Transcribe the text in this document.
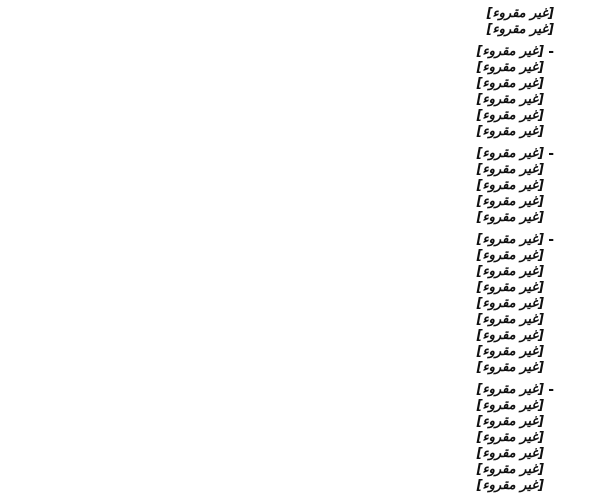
[غير مقروء]
[غير مقروء]
- [غير مقروء]
[غير مقروء]
[غير مقروء]
[غير مقروء]
[غير مقروء]
[غير مقروء]
- [غير مقروء]
[غير مقروء]
[غير مقروء]
[غير مقروء]
[غير مقروء]
- [غير مقروء]
[غير مقروء]
[غير مقروء]
[غير مقروء]
[غير مقروء]
[غير مقروء]
[غير مقروء]
[غير مقروء]
[غير مقروء]
- [غير مقروء]
[غير مقروء]
[غير مقروء]
[غير مقروء]
[غير مقروء]
[غير مقروء]
[غير مقروء]
